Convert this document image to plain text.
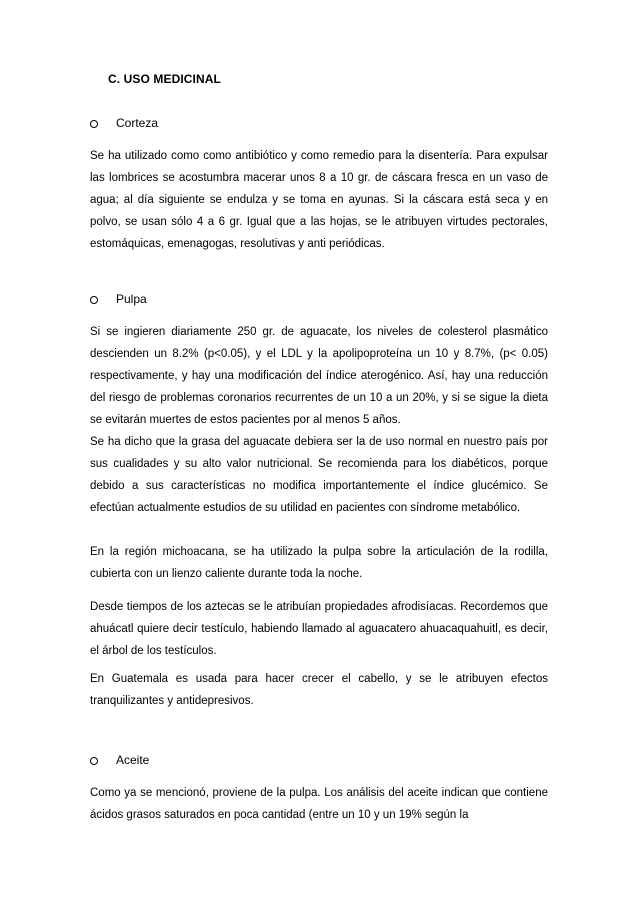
C. USO MEDICINAL
Corteza

Se ha utilizado como como antibiótico y como remedio para la disentería. Para expulsar las lombrices se acostumbra macerar unos 8 a 10 gr. de cáscara fresca en un vaso de agua; al día siguiente se endulza y se toma en ayunas. Si la cáscara está seca y en polvo, se usan sólo 4 a 6 gr. Igual que a las hojas, se le atribuyen virtudes pectorales, estomáquicas, emenagogas, resolutivas y anti periódicas.

Pulpa

Si se ingieren diariamente 250 gr. de aguacate, los niveles de colesterol plasmático descienden un 8.2% (p<0.05), y el LDL y la apolipoproteína un 10 y 8.7%, (p< 0.05) respectivamente, y hay una modificación del índice aterogénico. Así, hay una reducción del riesgo de problemas coronarios recurrentes de un 10 a un 20%, y si se sigue la dieta se evitarán muertes de estos pacientes por al menos 5 años.

Se ha dicho que la grasa del aguacate debiera ser la de uso normal en nuestro país por sus cualidades y su alto valor nutricional. Se recomienda para los diabéticos, porque debido a sus características no modifica importantemente el índice glucémico. Se efectúan actualmente estudios de su utilidad en pacientes con síndrome metabólico.

En la región michoacana, se ha utilizado la pulpa sobre la articulación de la rodilla, cubierta con un lienzo caliente durante toda la noche.

Desde tiempos de los aztecas se le atribuían propiedades afrodisíacas. Recordemos que ahuácatl quiere decir testículo, habiendo llamado al aguacatero ahuacaquahuitl, es decir, el árbol de los testículos.

En Guatemala es usada para hacer crecer el cabello, y se le atribuyen efectos tranquilizantes y antidepresivos.

Aceite

Como ya se mencionó, proviene de la pulpa. Los análisis del aceite indican que contiene ácidos grasos saturados en poca cantidad (entre un 10 y un 19% según la
